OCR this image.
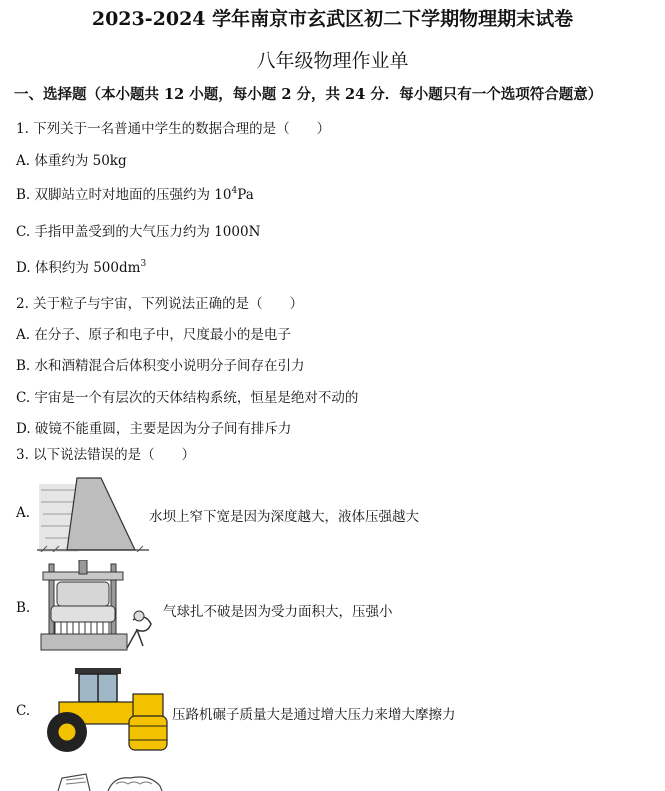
2023-2024 学年南京市玄武区初二下学期物理期末试卷
八年级物理作业单
一、选择题（本小题共 12 小题，每小题 2 分，共 24 分．每小题只有一个选项符合题意）
1. 下列关于一名普通中学生的数据合理的是（　　）
A. 体重约为 50kg
B. 双脚站立时对地面的压强约为 $10^4Pa$
C. 手指甲盖受到的大气压力约为 1000N
D. 体积约为 $500dm^3$
2. 关于粒子与宇宙，下列说法正确的是（　　）
A. 在分子、原子和电子中，尺度最小的是电子
B. 水和酒精混合后体积变小说明分子间存在引力
C. 宇宙是一个有层次的天体结构系统，恒星是绝对不动的
D. 破镜不能重圆，主要是因为分子间有排斥力
3. 以下说法错误的是（　　）
A.	水坝上窄下宽是因为深度越大，液体压强越大
B.	气球扎不破是因为受力面积大，压强小
C.	压路机碾子质量大是通过增大压力来增大摩擦力
